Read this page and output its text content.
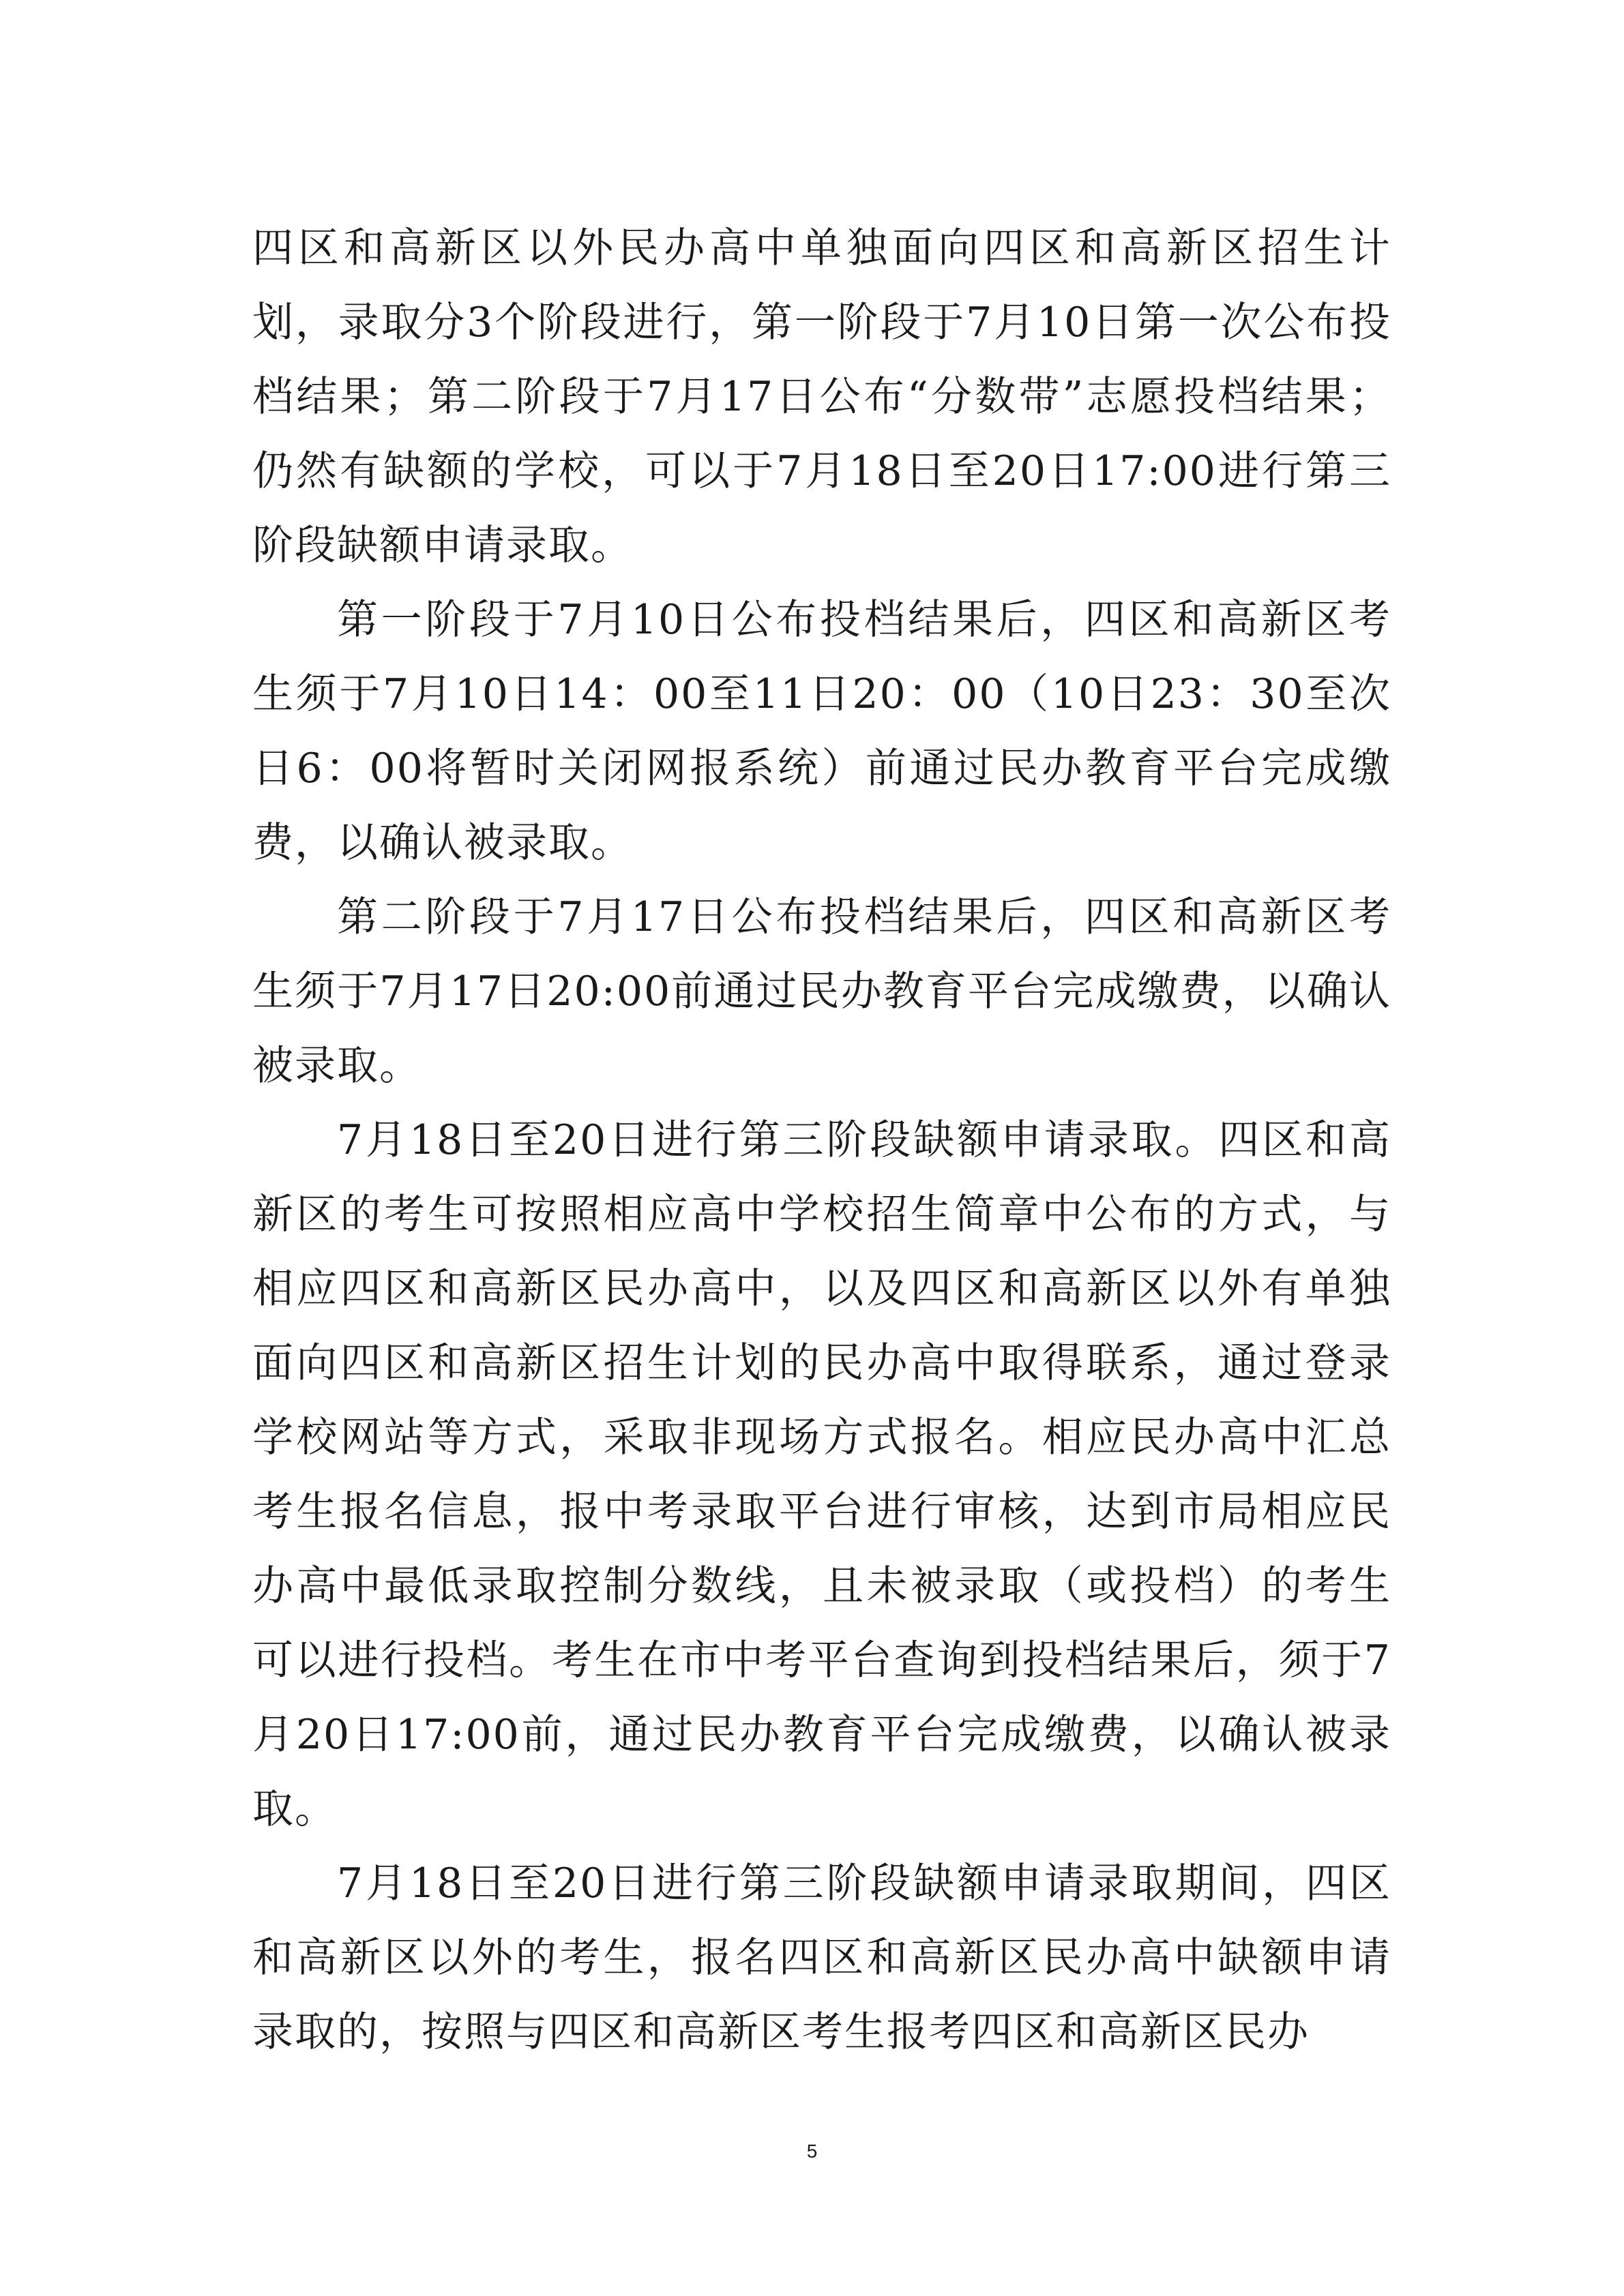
四区和高新区以外民办高中单独面向四区和高新区招生计划，录取分3个阶段进行，第一阶段于7月10日第一次公布投档结果；第二阶段于7月17日公布“分数带”志愿投档结果；仍然有缺额的学校，可以于7月18日至20日17:00进行第三阶段缺额申请录取。

第一阶段于7月10日公布投档结果后，四区和高新区考生须于7月10日14：00至11日20：00（10日23：30至次日6：00将暂时关闭网报系统）前通过民办教育平台完成缴费，以确认被录取。

第二阶段于7月17日公布投档结果后，四区和高新区考生须于7月17日20:00前通过民办教育平台完成缴费，以确认被录取。

7月18日至20日进行第三阶段缺额申请录取。四区和高新区的考生可按照相应高中学校招生简章中公布的方式，与相应四区和高新区民办高中，以及四区和高新区以外有单独面向四区和高新区招生计划的民办高中取得联系，通过登录学校网站等方式，采取非现场方式报名。相应民办高中汇总考生报名信息，报中考录取平台进行审核，达到市局相应民办高中最低录取控制分数线，且未被录取（或投档）的考生可以进行投档。考生在市中考平台查询到投档结果后，须于7月20日17:00前，通过民办教育平台完成缴费，以确认被录取。

7月18日至20日进行第三阶段缺额申请录取期间，四区和高新区以外的考生，报名四区和高新区民办高中缺额申请录取的，按照与四区和高新区考生报考四区和高新区民办

5
